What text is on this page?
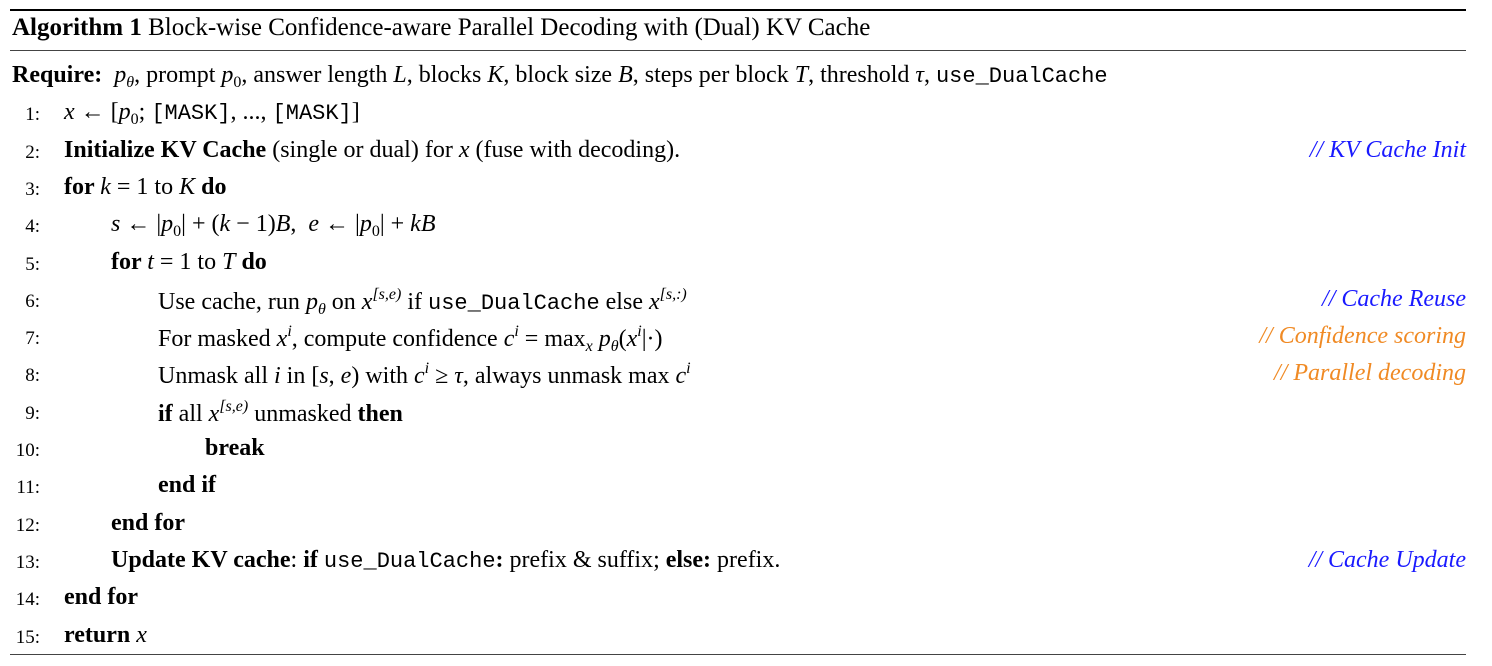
Algorithm 1 Block-wise Confidence-aware Parallel Decoding with (Dual) KV Cache
Require: $p_\theta$, prompt $p_0$, answer length L, blocks K, block size B, steps per block T, threshold τ, use_DualCache
1: x ← [$p_0$; [MASK], ..., [MASK]]
2: Initialize KV Cache (single or dual) for x (fuse with decoding).	// KV Cache Init
3: for k = 1 to K do
4:	s ← $|p_0| + (k - 1)B$,  e ← $|p_0|$ + kB
5:	for t = 1 to T do
6:	Use cache, run $p_\theta$ on $x^{[s,e)}$ if use_DualCache else $x^{[s,:)}$	// Cache Reuse
7:	For masked $x^i$, compute confidence $c^i = \max_x p_\theta(x^i|\cdot)$	// Confidence scoring
8:	Unmask all i in [s, e) with $c^i \ge \tau$, always unmask $\max c^i$	// Parallel decoding
9:	if all $x^{[s,e)}$ unmasked then
10:	break
11:	end if
12:	end for
13:	Update KV cache: if use_DualCache: prefix & suffix; else: prefix.	// Cache Update
14: end for
15: return x
